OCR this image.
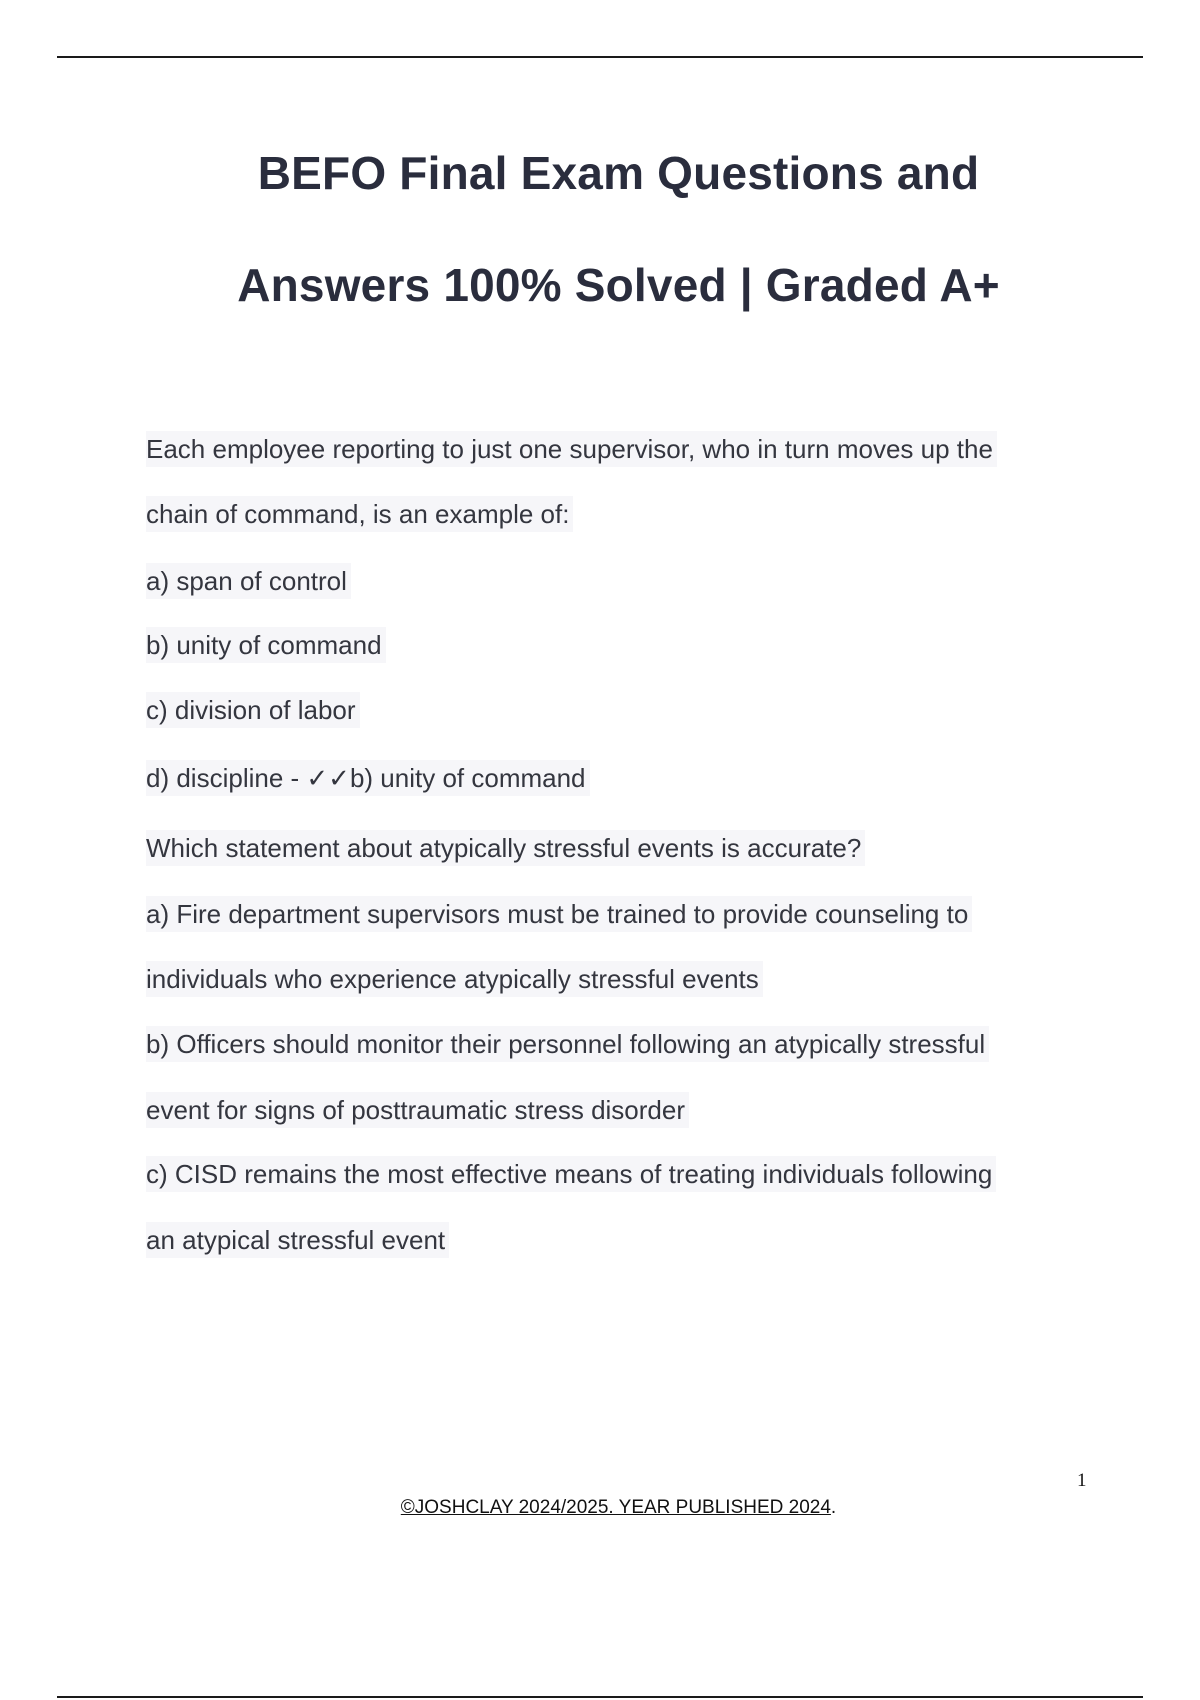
BEFO Final Exam Questions and
Answers 100% Solved | Graded A+
Each employee reporting to just one supervisor, who in turn moves up the
chain of command, is an example of:
a) span of control
b) unity of command
c) division of labor
d) discipline - ✓✓b) unity of command
Which statement about atypically stressful events is accurate?
a) Fire department supervisors must be trained to provide counseling to
individuals who experience atypically stressful events
b) Officers should monitor their personnel following an atypically stressful
event for signs of posttraumatic stress disorder
c) CISD remains the most effective means of treating individuals following
an atypical stressful event
1
©JOSHCLAY 2024/2025. YEAR PUBLISHED 2024.
